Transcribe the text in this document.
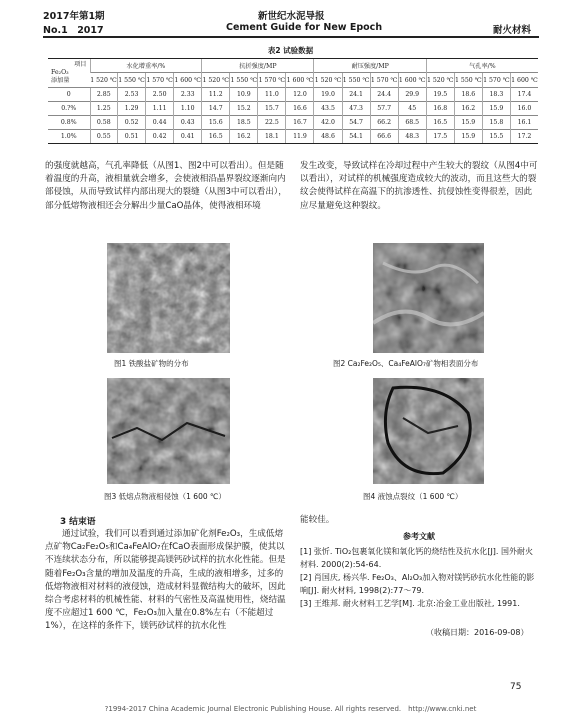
2017年第1期
No.1　2017
新世纪水泥导报
Cement Guide for New Epoch	耐火材料
表2 试验数据
项目
Fe₂O₃
添加量	水化增重率/%				抗折强度/MP				耐压强度/MP				气孔率/%			
	1 520 ℃	1 550 ℃	1 570 ℃	1 600 ℃	1 520 ℃	1 550 ℃	1 570 ℃	1 600 ℃	1 520 ℃	1 550 ℃	1 570 ℃	1 600 ℃	1 520 ℃	1 550 ℃	1 570 ℃	1 600 ℃
0	2.85	2.53	2.50	2.33	11.2	10.9	11.0	12.0	19.0	24.1	24.4	29.9	19.5	18.6	18.3	17.4
0.?%	1.25	1.29	1.11	1.10	14.7	15.2	15.7	16.6	43.5	47.3	57.7	45	16.8	16.2	15.9	16.0
0.8%	0.58	0.52	0.44	0.43	15.6	18.5	22.5	16.7	42.0	54.7	66.2	68.5	16.5	15.9	15.8	16.1
1.0%	0.55	0.51	0.42	0.41	16.5	16.2	18.1	11.9	48.6	54.1	66.6	48.3	17.5	15.9	15.5	17.2

的强度就越高，气孔率降低（从图1、图2中可以看出）。但是随着温度的升高，液相量就会增多，会使液相沿晶界裂纹逐渐向内部侵蚀，从而导致试样内部出现大的裂缝（从图3中可以看出），部分低熔物液相还会分解出少量CaO晶体，使得液相环境

发生改变，导致试样在冷却过程中产生较大的裂纹（从图4中可以看出），对试样的机械强度造成较大的波动，而且这些大的裂纹会使得试样在高温下的抗渗透性、抗侵蚀性变得很差，因此应尽量避免这种裂纹。

图1 铁酸盐矿物的分布	图2 Ca₂Fe₂O₅、Ca₄FeAlO₇矿物相表面分布
图3 低熔点物液相侵蚀（1 600 ℃）	图4 液蚀点裂纹（1 600 ℃）
3 结束语

通过试验，我们可以看到通过添加矿化剂Fe₂O₃，生成低熔点矿物Ca₂Fe₂O₅和Ca₄FeAlO₇在fCaO表面形成保护膜，使其以不连续状态分布，所以能够提高镁钙砂试样的抗水化性能。但是随着Fe₂O₃含量的增加及温度的升高，生成的液相增多，过多的低熔物液相对材料的液侵蚀，造成材料显微结构大的破坏，因此综合考虑材料的机械性能、材料的气密性及高温使用性，烧结温度不应超过1 600 ℃，Fe₂O₃加入量在0.8%左右（不能超过1%），在这样的条件下，镁钙砂试样的抗水化性

能较佳。

参考文献

[1] 张忻. TiO₂包裹氧化镁和氧化钙的烧结性及抗水化[J]. 国外耐火材料. 2000(2):54-64.

[2] 肖国庆, 杨兴华. Fe₂O₃、Al₂O₃加入物对镁钙砂抗水化性能的影响[J]. 耐火材料, 1998(2):77～79.

[3] 王维邦. 耐火材料工艺学[M]. 北京:冶金工业出版社, 1991.

（收稿日期：2016-09-08）
75
?1994-2017 China Academic Journal Electronic Publishing House. All rights reserved.　http://www.cnki.net
